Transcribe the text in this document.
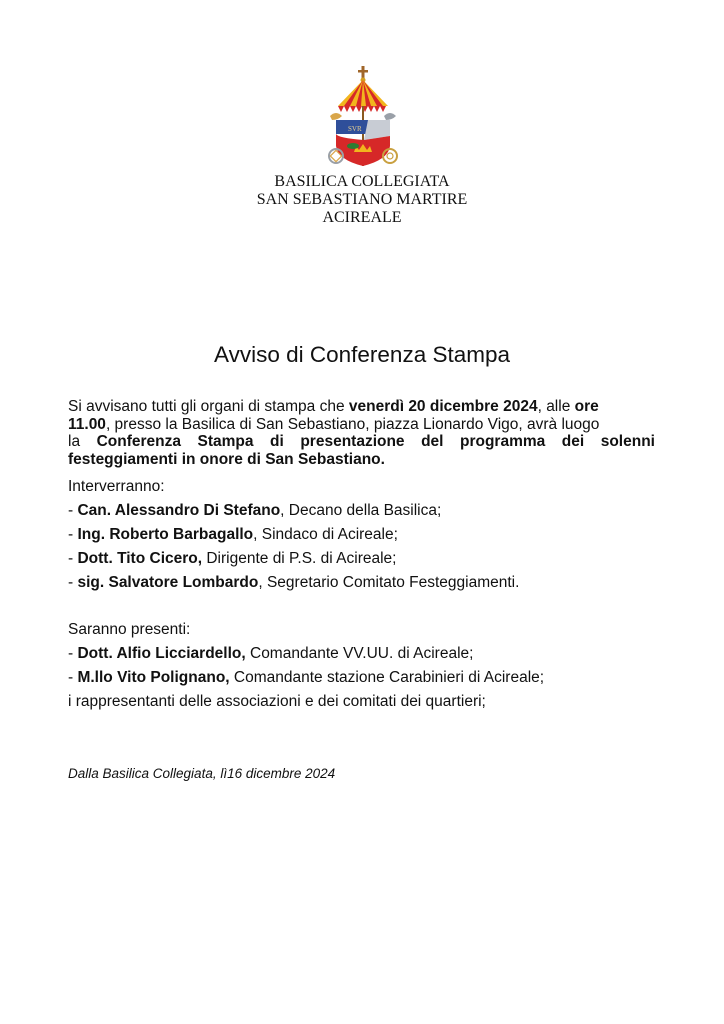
SVR
BASILICA COLLEGIATA
SAN SEBASTIANO MARTIRE
ACIREALE
Avviso di Conferenza Stampa
Si avvisano tutti gli organi di stampa che venerdì 20 dicembre 2024, alle ore
11.00, presso la Basilica di San Sebastiano, piazza Lionardo Vigo, avrà luogo
la Conferenza Stampa di presentazione del programma dei solenni
festeggiamenti in onore di San Sebastiano.
Interverranno:
- Can. Alessandro Di Stefano, Decano della Basilica;
- Ing. Roberto Barbagallo, Sindaco di Acireale;
- Dott. Tito Cicero, Dirigente di P.S. di Acireale;
- sig. Salvatore Lombardo, Segretario Comitato Festeggiamenti.
Saranno presenti:
- Dott. Alfio Licciardello, Comandante VV.UU. di Acireale;
- M.llo Vito Polignano, Comandante stazione Carabinieri di Acireale;
i rappresentanti delle associazioni e dei comitati dei quartieri;
Dalla Basilica Collegiata, lì16 dicembre 2024
